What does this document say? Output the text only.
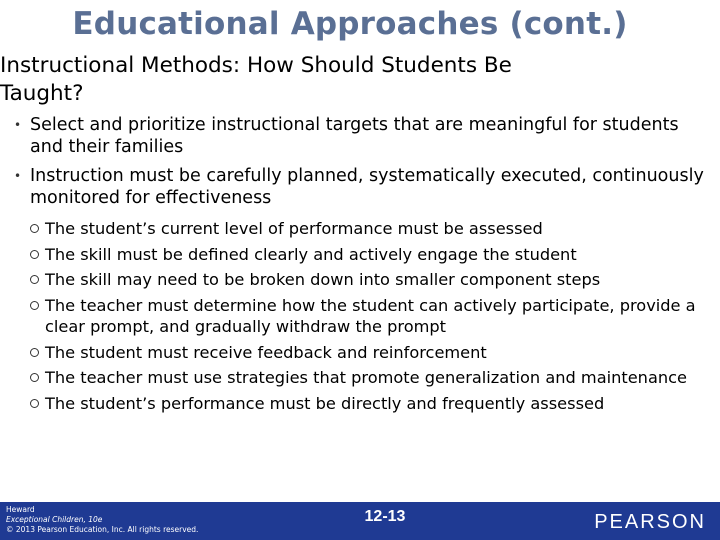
Educational Approaches (cont.)
Instructional Methods: How Should Students Be Taught?
• Select and prioritize instructional targets that are meaningful for students and their families
• Instruction must be carefully planned, systematically executed, continuously monitored for effectiveness
The student’s current level of performance must be assessed
The skill must be defined clearly and actively engage the student
The skill may need to be broken down into smaller component steps
The teacher must determine how the student can actively participate, provide a clear prompt, and gradually withdraw the prompt
The student must receive feedback and reinforcement
The teacher must use strategies that promote generalization and maintenance
The student’s performance must be directly and frequently assessed
Heward
Exceptional Children, 10e
© 2013 Pearson Education, Inc. All rights reserved.
12-13	PEARSON
